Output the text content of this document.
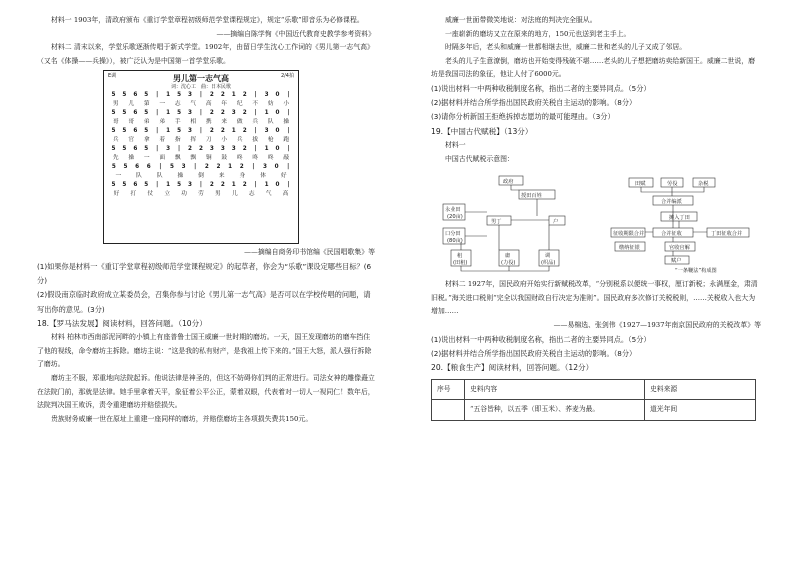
材料一 1903年，清政府颁布《重订学堂章程初级师范学堂课程规定》，规定“乐歌”即音乐为必修课程。

——摘编自陈学恂《中国近代教育史教学参考资料》

材料二 清末以来，学堂乐歌逐渐传唱于新式学堂。1902年，由留日学生沈心工作词的《男儿第一志气高》（又名《体操——兵操》），被广泛认为是中国第一首学堂乐歌。

E调	2/4拍
男儿第一志气高
词：沈心工　曲：日本民歌
5	5	6	5	|	1	5	3	|	2	2	1	2	|	3	0	|
男	儿	第	一	志	气	高	年	纪	不	妨	小
5	5	6	5	|	1	5	3	|	2	2	3	2	|	1	0	|
哥	哥	弟	弟	手	相	携	来	做	兵	队	操
5	5	6	5	|	1	5	3	|	2	2	1	2	|	3	0	|
兵	官	拿	着	指	挥	刀	小	兵	拔	枪	跑
5	5	6	5	|	3	|	2	2	3	3	3	2	|	1	0	|
先	操	一	面	飘	飘	铜	鼓	咚	咚	咚	敲
5	5	6	6	|	5	3	|	2	2	1	2	|	3	0	|
一	队	队	操	倒	来	身	体	好
5	5	6	5	|	1	5	3	|	2	2	1	2	|	1	0	|
好	打	仗	立	功	劳	男	儿	志	气	高

——摘编自商务印书馆编《民国唱歌集》等

(1)如果你是材料一《重订学堂章程初级师范学堂课程规定》的起草者，你会为“乐歌”课设定哪些目标？(6分)

(2)假设南京临时政府成立某委员会，召集你参与讨论《男儿第一志气高》是否可以在学校传唱的问题，请写出你的意见。(3分)

18.【罗马法发展】阅读材料，回答问题。（10分）

材料 柏林市西南部泥河畔的小镇上有座普鲁士国王威廉一世时期的磨坊。一天，国王发现磨坊的磨车挡住了他的视线，命令磨坊主拆除。磨坊主说：“这是我的私有财产，是我祖上传下来的。”国王大怒，派人强行拆除了磨坊。

磨坊主不服，郑重地向法院起诉。他说法律是神圣的，但这不妨碍你们判的正常进行。司法女神的雕像矗立在法院门前，那就是法律。她手里拿着天平，象征着公平公正，蒙着双眼，代表着对一切人一视同仁！数年后，法院判决国王败诉，责令重建磨坊并赔偿损失。

贵族财务威廉一世在原址上重建一座同样的磨坊，并赔偿磨坊主各项损失费共150元。

威廉一世面带微笑地说：对法庭的判决完全服从。

一座崭新的磨坊又立在原来的地方，150元也送到老主手上。

时隔多年后，老头和威廉一世都相继去世，威廉二世和老头的儿子又成了邻居。

老头的儿子生意潦倒，磨坊也开始变得残破不堪……老头的儿子想把磨坊卖给新国王。威廉二世说，磨坊是我国司法的象征，他让人付了6000元。

(1)说出材料一中两种收税制度名称，指出二者的主要异同点。（5分）

(2)据材料并结合所学指出国民政府关税自主运动的影响。（8分）

(3)请你分析新国王拒绝拆掉志愿坊的最可能理由。（3分）

19.【中国古代赋税】（13分）

材料一

中国古代赋税示意图：

政府
授田百姓
永业田
(20亩)
口分田
(80亩)
男丁	户
租
(田租)
庸
(力役)
调
(织品)
田赋	劳役	杂税
合并编派
摊入丁田
合并征收
征收期限合并	丁田征收合并
缴纳征银	官收官解
赋户
“一条鞭法”构成图

材料二 1927年，国民政府开始实行新赋税改革，“分别税系以便统一事权，厘订新税；永满厘金，肃清旧税。”海关进口税则“完全以我国财政自行决定为准则”。国民政府多次修订关税税则，……关税收入也大为增加……

——易棉选、张剑伟《1927—1937年南京国民政府的关税改革》等

(1)说出材料一中两种收税制度名称，指出二者的主要异同点。（5分）

(2)据材料并结合所学指出国民政府关税自主运动的影响。（8分）

20.【粮食生产】阅读材料，回答问题。（12分）

序号	史料内容	史料来源
	“五谷皆种，以五季（即玉米）、荞麦为最。	道光年间
